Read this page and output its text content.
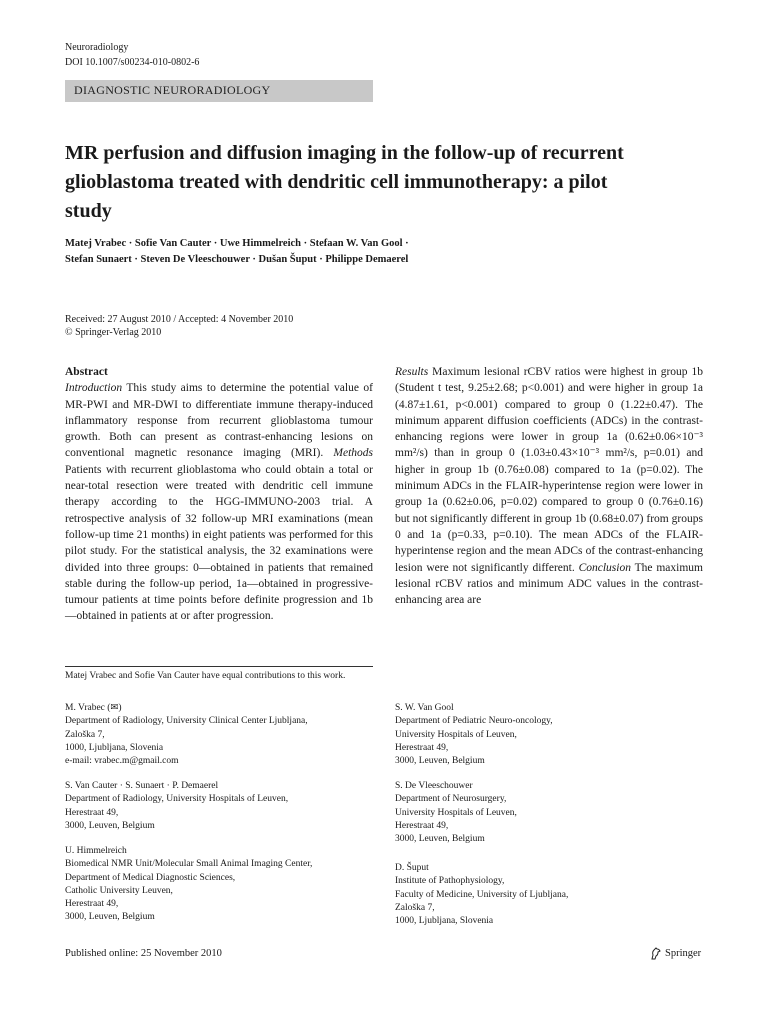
Neuroradiology
DOI 10.1007/s00234-010-0802-6
DIAGNOSTIC NEURORADIOLOGY
MR perfusion and diffusion imaging in the follow-up of recurrent glioblastoma treated with dendritic cell immunotherapy: a pilot study
Matej Vrabec · Sofie Van Cauter · Uwe Himmelreich · Stefaan W. Van Gool ·
Stefan Sunaert · Steven De Vleeschouwer · Dušan Šuput · Philippe Demaerel
Received: 27 August 2010 / Accepted: 4 November 2010
© Springer-Verlag 2010
Abstract
Introduction This study aims to determine the potential value of MR-PWI and MR-DWI to differentiate immune therapy-induced inflammatory response from recurrent glioblastoma tumour growth. Both can present as contrast-enhancing lesions on conventional magnetic resonance imaging (MRI). Methods Patients with recurrent glioblastoma who could obtain a total or near-total resection were treated with dendritic cell immune therapy according to the HGG-IMMUNO-2003 trial. A retrospective analysis of 32 follow-up MRI examinations (mean follow-up time 21 months) in eight patients was performed for this pilot study. For the statistical analysis, the 32 examinations were divided into three groups: 0—obtained in patients that remained stable during the follow-up period, 1a—obtained in progressive-tumour patients at time points before definite progression and 1b—obtained in patients at or after progression.
Results Maximum lesional rCBV ratios were highest in group 1b (Student t test, 9.25±2.68; p<0.001) and were higher in group 1a (4.87±1.61, p<0.001) compared to group 0 (1.22±0.47). The minimum apparent diffusion coefficients (ADCs) in the contrast-enhancing regions were lower in group 1a (0.62±0.06×10⁻³ mm²/s) than in group 0 (1.03±0.43×10⁻³ mm²/s, p=0.01) and higher in group 1b (0.76±0.08) compared to 1a (p=0.02). The minimum ADCs in the FLAIR-hyperintense region were lower in group 1a (0.62±0.06, p=0.02) compared to group 0 (0.76±0.16) but not significantly different in group 1b (0.68±0.07) from groups 0 and 1a (p=0.33, p=0.10). The mean ADCs of the FLAIR-hyperintense region and the mean ADCs of the contrast-enhancing lesion were not significantly different. Conclusion The maximum lesional rCBV ratios and minimum ADC values in the contrast-enhancing area are
Matej Vrabec and Sofie Van Cauter have equal contributions to this work.
M. Vrabec (✉)
Department of Radiology, University Clinical Center Ljubljana,
Zaloška 7,
1000, Ljubljana, Slovenia
e-mail: vrabec.m@gmail.com
S. Van Cauter · S. Sunaert · P. Demaerel
Department of Radiology, University Hospitals of Leuven,
Herestraat 49,
3000, Leuven, Belgium
U. Himmelreich
Biomedical NMR Unit/Molecular Small Animal Imaging Center,
Department of Medical Diagnostic Sciences,
Catholic University Leuven,
Herestraat 49,
3000, Leuven, Belgium
S. W. Van Gool
Department of Pediatric Neuro-oncology,
University Hospitals of Leuven,
Herestraat 49,
3000, Leuven, Belgium
S. De Vleeschouwer
Department of Neurosurgery,
University Hospitals of Leuven,
Herestraat 49,
3000, Leuven, Belgium
D. Šuput
Institute of Pathophysiology,
Faculty of Medicine, University of Ljubljana,
Zaloška 7,
1000, Ljubljana, Slovenia
Published online: 25 November 2010	Springer
